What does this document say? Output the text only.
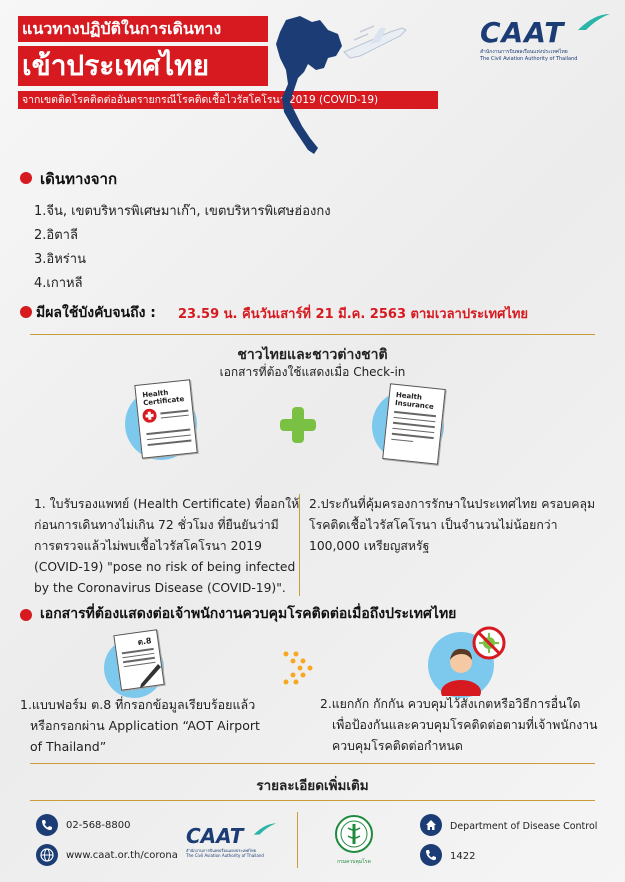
แนวทางปฏิบัติในการเดินทาง
เข้าประเทศไทย
จากเขตติดโรคติดต่ออันตรายกรณีโรคติดเชื้อไวรัสโคโรนา 2019 (COVID-19)
CAAT
สำนักงานการบินพลเรือนแห่งประเทศไทย
The Civil Aviation Authority of Thailand
เดินทางจาก
1.จีน, เขตบริหารพิเศษมาเก๊า, เขตบริหารพิเศษฮ่องกง
2.อิตาลี
3.อิหร่าน
4.เกาหลี
มีผลใช้บังคับจนถึง : 23.59 น. คืนวันเสาร์ที่ 21 มี.ค. 2563 ตามเวลาประเทศไทย
ชาวไทยและชาวต่างชาติ
เอกสารที่ต้องใช้แสดงเมื่อ Check-in
Health Certificate	Health Insurance
1. ใบรับรองแพทย์ (Health Certificate) ที่ออกให้
ก่อนการเดินทางไม่เกิน 72 ชั่วโมง ที่ยืนยันว่ามี
การตรวจแล้วไม่พบเชื้อไวรัสโคโรนา 2019
(COVID-19) "pose no risk of being infected
by the Coronavirus Disease (COVID-19)".
2.ประกันที่คุ้มครองการรักษาในประเทศไทย ครอบคลุม
โรคติดเชื้อไวรัสโคโรนา เป็นจำนวนไม่น้อยกว่า
100,000 เหรียญสหรัฐ
เอกสารที่ต้องแสดงต่อเจ้าพนักงานควบคุมโรคติดต่อเมื่อถึงประเทศไทย
ต.8
1.แบบฟอร์ม ต.8 ที่กรอกข้อมูลเรียบร้อยแล้ว
หรือกรอกผ่าน Application “AOT Airport
of Thailand”
2.แยกกัก กักกัน ควบคุมไว้สังเกตหรือวิธีการอื่นใด
เพื่อป้องกันและควบคุมโรคติดต่อตามที่เจ้าพนักงาน
ควบคุมโรคติดต่อกำหนด
รายละเอียดเพิ่มเติม
02-568-8800
www.caat.or.th/corona
CAAT
สำนักงานการบินพลเรือนแห่งประเทศไทย
The Civil Aviation Authority of Thailand
กรมควบคุมโรค
Department of Disease Control
1422
